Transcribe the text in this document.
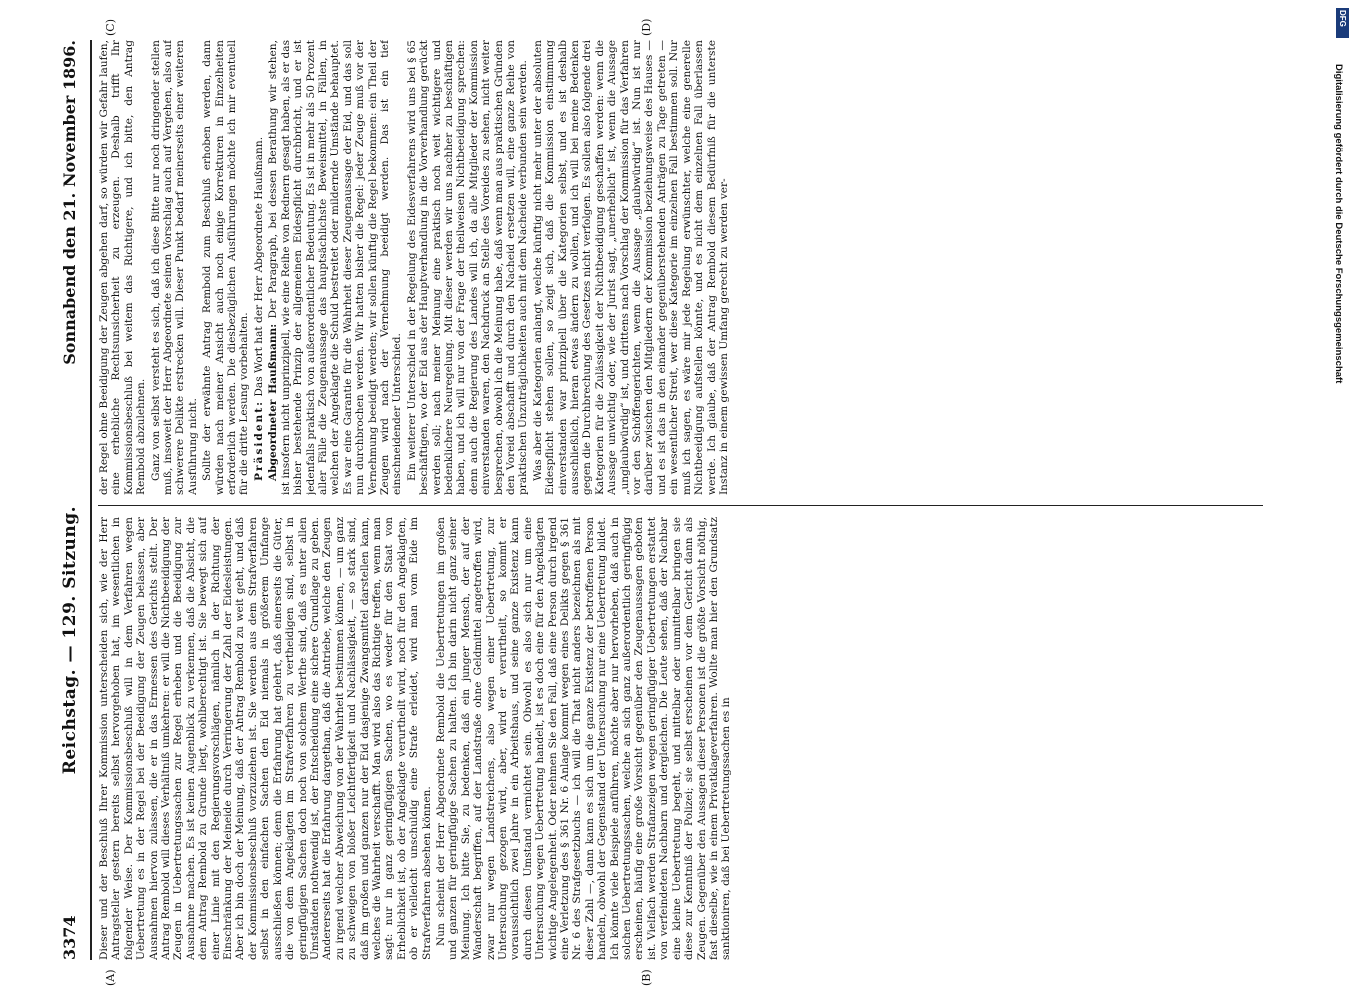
3374
Reichstag. — 129. Sitzung.
Sonnabend den 21. November 1896.
(A)	(B)
(C)	(D)

Dieser und der Beschluß Ihrer Kommission unterscheiden sich, wie der Herr Antragsteller gestern bereits selbst hervorgehoben hat, im wesentlichen in folgender Weise. Der Kommissionsbeschluß will in dem Verfahren wegen Uebertretung es in der Regel bei der Beeidigung der Zeugen belassen, aber Ausnahmen hiervon zulassen, die er in das Ermessen des Gerichts stellt. Der Antrag Rembold will dieses Verhältniß umkehren: er will die Nichtbeeidigung der Zeugen in Uebertretungssachen zur Regel erheben und die Beeidigung zur Ausnahme machen. Es ist keinen Augenblick zu verkennen, daß die Absicht, die dem Antrag Rembold zu Grunde liegt, wohlberechtigt ist. Sie bewegt sich auf einer Linie mit den Regierungsvorschlägen, nämlich in der Richtung der Einschränkung der Meineide durch Verringerung der Zahl der Eidesleistungen. Aber ich bin doch der Meinung, daß der Antrag Rembold zu weit geht, und daß der Kommissionsbeschluß vorzuziehen ist. Sie werden aus dem Strafverfahren selbst in den einfachen Sachen den Eid niemals in größerem Umfange ausschließen können; denn die Erfahrung hat gelehrt, daß einerseits die Güter, die von dem Angeklagten im Strafverfahren zu vertheidigen sind, selbst in geringfügigen Sachen doch noch von solchem Werthe sind, daß es unter allen Umständen nothwendig ist, der Entscheidung eine sichere Grundlage zu geben. Andererseits hat die Erfahrung dargethan, daß die Antriebe, welche den Zeugen zu irgend welcher Abweichung von der Wahrheit bestimmen können, — um ganz zu schweigen von bloßer Leichtfertigkeit und Nachlässigkeit, — so stark sind, daß im großen und ganzen nur der Eid dasjenige Zwangsmittel darstellen kann, welches die Wahrheit verschafft. Man wird also das Richtige treffen, wenn man sagt: nur in ganz geringfügigen Sachen, wo es weder für den Staat von Erheblichkeit ist, ob der Angeklagte verurtheilt wird, noch für den Angeklagten, ob er vielleicht unschuldig eine Strafe erleidet, wird man vom Eide im Strafverfahren absehen können. Nun scheint der Herr Abgeordnete Rembold die Uebertretungen im großen und ganzen für geringfügige Sachen zu halten. Ich bin darin nicht ganz seiner Meinung. Ich bitte Sie, zu bedenken, daß ein junger Mensch, der auf der Wanderschaft begriffen, auf der Landstraße ohne Geldmittel angetroffen wird, zwar nur wegen Landstreichens, also wegen einer Uebertretung, zur Untersuchung gezogen wird, aber, wird er verurtheilt, so kommt er voraussichtlich zwei Jahre in ein Arbeitshaus, und seine ganze Existenz kann durch diesen Umstand vernichtet sein. Obwohl es also sich nur um eine Untersuchung wegen Uebertretung handelt, ist es doch eine für den Angeklagten wichtige Angelegenheit. Oder nehmen Sie den Fall, daß eine Person durch irgend eine Verletzung des § 361 Nr. 6 Anlage kommt wegen eines Delikts gegen § 361 Nr. 6 des Strafgesetzbuchs — ich will die That nicht anders bezeichnen als mit dieser Zahl —, dann kann es sich um die ganze Existenz der betroffenen Person handeln, obwohl der Gegenstand der Untersuchung nur eine Uebertretung bildet. Ich könnte viele Beispiele anführen, möchte aber nur hervorheben, daß auch in solchen Uebertretungssachen, welche an sich ganz außerordentlich geringfügig erscheinen, häufig eine große Vorsicht gegenüber den Zeugenaussagen geboten ist. Vielfach werden Strafanzeigen wegen geringfügiger Uebertretungen erstattet von verfeindeten Nachbarn und dergleichen. Die Leute sehen, daß der Nachbar eine kleine Uebertretung begeht, und mittelbar oder unmittelbar bringen sie diese zur Kenntniß der Polizei; sie selbst erscheinen vor dem Gericht dann als Zeugen. Gegenüber den Aussagen dieser Personen ist die größte Vorsicht nöthig, fast dieselbe, wie in einem Privatklageverfahren. Wollte man hier den Grundsatz sanktioniren, daß bei Uebertretungssachen es in

der Regel ohne Beeidigung der Zeugen abgehen darf, so würden wir Gefahr laufen, eine erhebliche Rechtsunsicherheit zu erzeugen. Deshalb trifft Ihr Kommissionsbeschluß bei weitem das Richtigere, und ich bitte, den Antrag Rembold abzulehnen. Ganz von selbst versteht es sich, daß ich diese Bitte nur noch dringender stellen muß, insoweit der Herr Abgeordnete seinen Vorschlag auch auf Vergehen, also auf schwerere Delikte erstrecken will. Dieser Punkt bedarf meinerseits einer weiteren Ausführung nicht. Sollte der erwähnte Antrag Rembold zum Beschluß erhoben werden, dann würden nach meiner Ansicht auch noch einige Korrekturen in Einzelheiten erforderlich werden. Die diesbezüglichen Ausführungen möchte ich mir eventuell für die dritte Lesung vorbehalten. Präsident: Das Wort hat der Herr Abgeordnete Haußmann.

Abgeordneter Haußmann: Der Paragraph, bei dessen Berathung wir stehen, ist insofern nicht unprinzipiell, wie eine Reihe von Rednern gesagt haben, als er das bisher bestehende Prinzip der allgemeinen Eidespflicht durchbricht, und er ist jedenfalls praktisch von außerordentlicher Bedeutung. Es ist in mehr als 50 Prozent aller Fälle die Zeugenaussage das hauptsächlichste Beweismittel, in Fällen, in welchen der Angeklagte die Schuld bestreitet oder mildernde Umstände behauptet. Es war eine Garantie für die Wahrheit dieser Zeugenaussage der Eid, und das soll nun durchbrochen werden. Wir hatten bisher die Regel: jeder Zeuge muß vor der Vernehmung beeidigt werden; wir sollen künftig die Regel bekommen: ein Theil der Zeugen wird nach der Vernehmung beeidigt werden. Das ist ein tief einschneidender Unterschied. Ein weiterer Unterschied in der Regelung des Eidesverfahrens wird uns bei § 65 beschäftigen, wo der Eid aus der Hauptverhandlung in die Vorverhandlung gerückt werden soll; nach meiner Meinung eine praktisch noch weit wichtigere und bedenklichere Neuregelung. Mit dieser werden wir uns nachher zu beschäftigen haben, und ich will nur von der Frage der theilweisen Nichtbeeidigung sprechen: denn auch die Regierung des Landes will ich, da alle Mitglieder der Kommission einverstanden waren, den Nachdruck an Stelle des Voreides zu sehen, nicht weiter besprechen, obwohl ich die Meinung habe, daß wenn man aus praktischen Gründen den Voreid abschafft und durch den Nacheid ersetzen will, eine ganze Reihe von praktischen Unzuträglichkeiten auch mit dem Nacheide verbunden sein werden. Was aber die Kategorien anlangt, welche künftig nicht mehr unter der absoluten Eidespflicht stehen sollen, so zeigt sich, daß die Kommission einstimmung einverstanden war prinzipiell über die Kategorien selbst, und es ist deshalb ausschließlich, hieran etwas ändern zu wollen, und ich will bei meine Bedenken gegen die Durchbrechung des Gesetzes nicht verfolgen. Es sollen also folgende drei Kategorien für die Zulässigkeit der Nichtbeeidigung geschaffen werden: wenn die Aussage unwichtig oder, wie der Jurist sagt, „unerheblich“ ist, wenn die Aussage „unglaubwürdig“ ist, und drittens nach Vorschlag der Kommission für das Verfahren vor den Schöffengerichten, wenn die Aussage „glaubwürdig“ ist. Nun ist nur darüber zwischen den Mitgliedern der Kommission beziehungsweise des Hauses — und es ist das in den einander gegenüberstehenden Anträgen zu Tage getreten — ein wesentlicher Streit, wer diese Kategorie im einzelnen Fall bestimmen soll. Nur muß ich sagen, es wäre mir jede Regelung erwünschter, welche eine generelle Nichtbeeidigung aufstellen könnte, und es nicht dem einzelnen Fall überlassen werde. Ich glaube, daß der Antrag Rembold diesem Bedürfniß für die unterste Instanz in einem gewissen Umfang gerecht zu werden ver-

DFG
Digitalisierung gefördert durch die Deutsche Forschungsgemeinschaft
